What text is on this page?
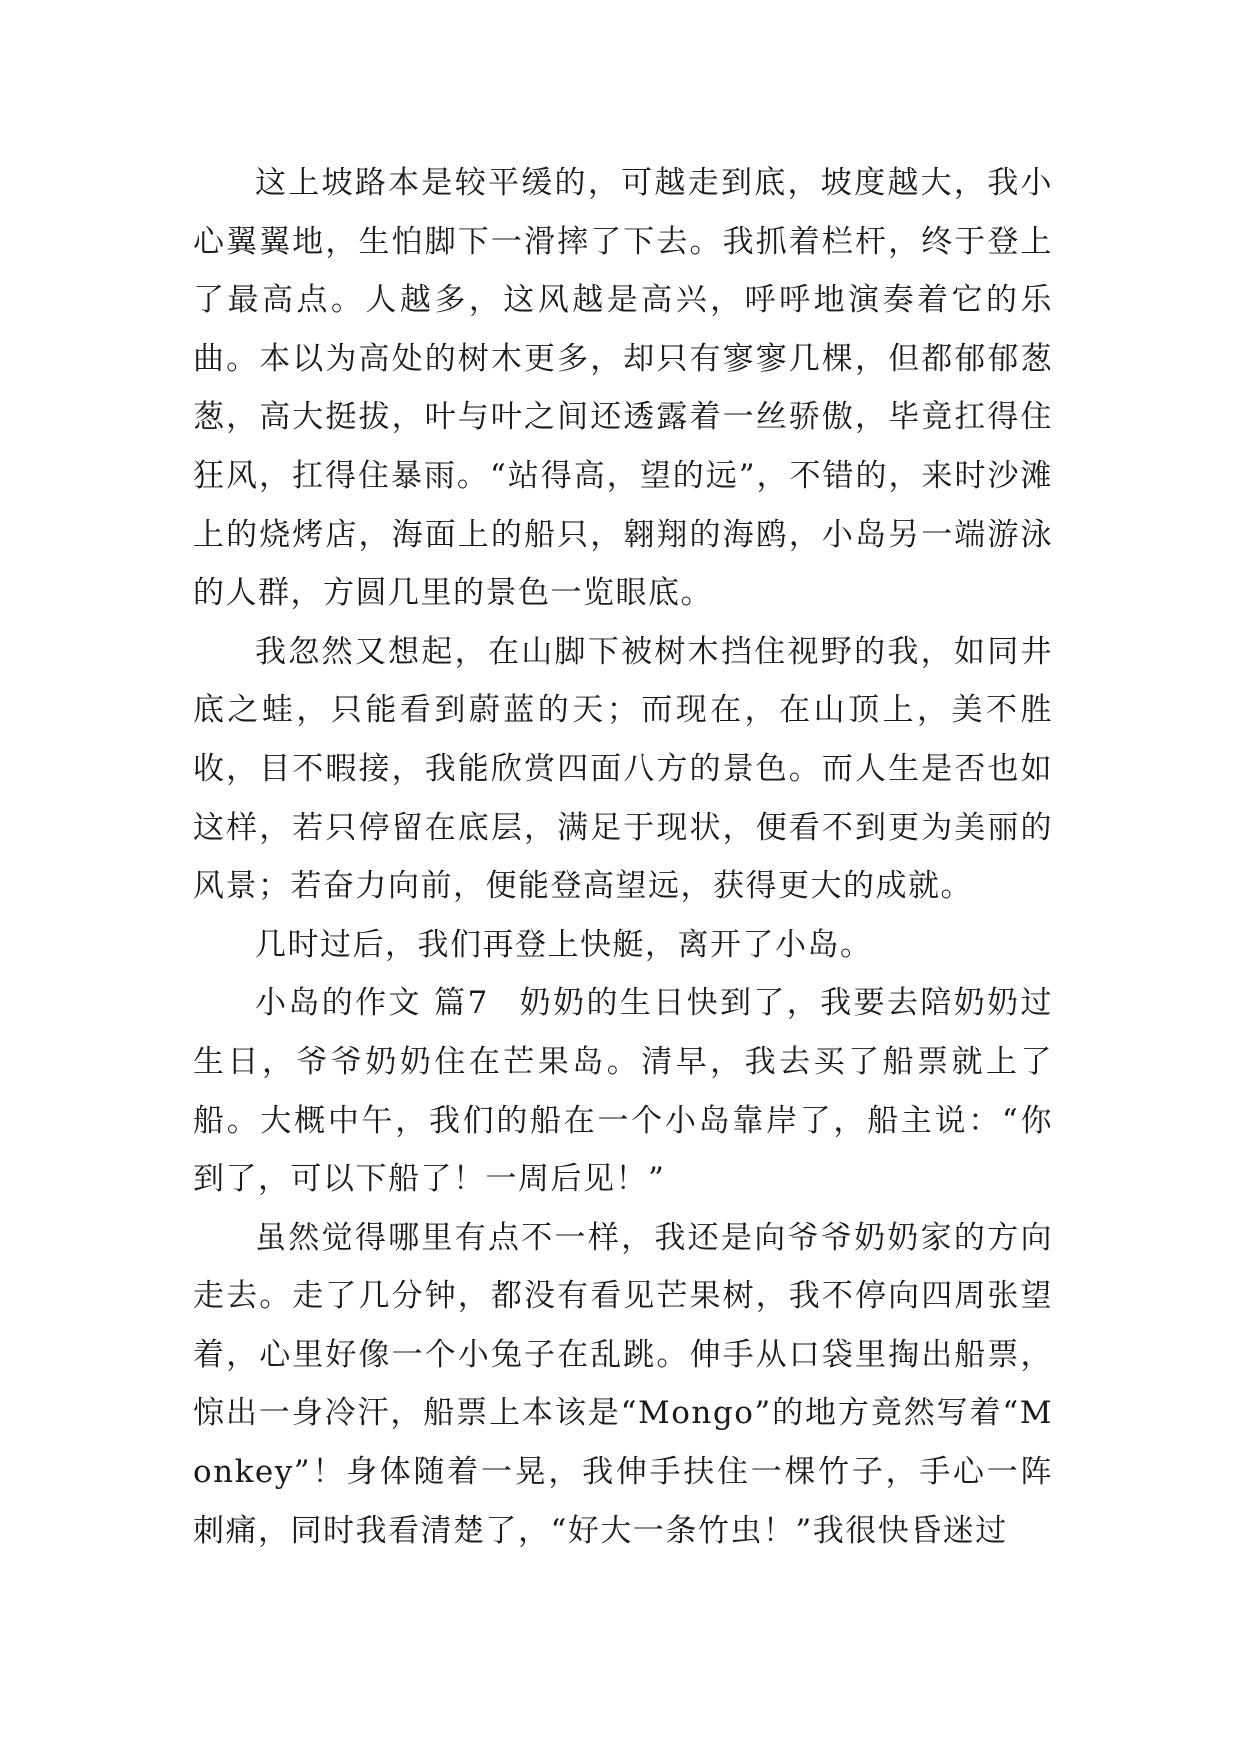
这上坡路本是较平缓的，可越走到底，坡度越大，我小心翼翼地，生怕脚下一滑摔了下去。我抓着栏杆，终于登上了最高点。人越多，这风越是高兴，呼呼地演奏着它的乐曲。本以为高处的树木更多，却只有寥寥几棵，但都郁郁葱葱，高大挺拔，叶与叶之间还透露着一丝骄傲，毕竟扛得住狂风，扛得住暴雨。“站得高，望的远”，不错的，来时沙滩上的烧烤店，海面上的船只，翱翔的海鸥，小岛另一端游泳的人群，方圆几里的景色一览眼底。

我忽然又想起，在山脚下被树木挡住视野的我，如同井底之蛙，只能看到蔚蓝的天；而现在，在山顶上，美不胜收，目不暇接，我能欣赏四面八方的景色。而人生是否也如这样，若只停留在底层，满足于现状，便看不到更为美丽的风景；若奋力向前，便能登高望远，获得更大的成就。

几时过后，我们再登上快艇，离开了小岛。

小岛的作文 篇7 奶奶的生日快到了，我要去陪奶奶过生日，爷爷奶奶住在芒果岛。清早，我去买了船票就上了船。大概中午，我们的船在一个小岛靠岸了，船主说：“你到了，可以下船了！一周后见！”

虽然觉得哪里有点不一样，我还是向爷爷奶奶家的方向走去。走了几分钟，都没有看见芒果树，我不停向四周张望着，心里好像一个小兔子在乱跳。伸手从口袋里掏出船票，惊出一身冷汗，船票上本该是“Mongo”的地方竟然写着“Monkey”！身体随着一晃，我伸手扶住一棵竹子，手心一阵刺痛，同时我看清楚了，“好大一条竹虫！”我很快昏迷过
